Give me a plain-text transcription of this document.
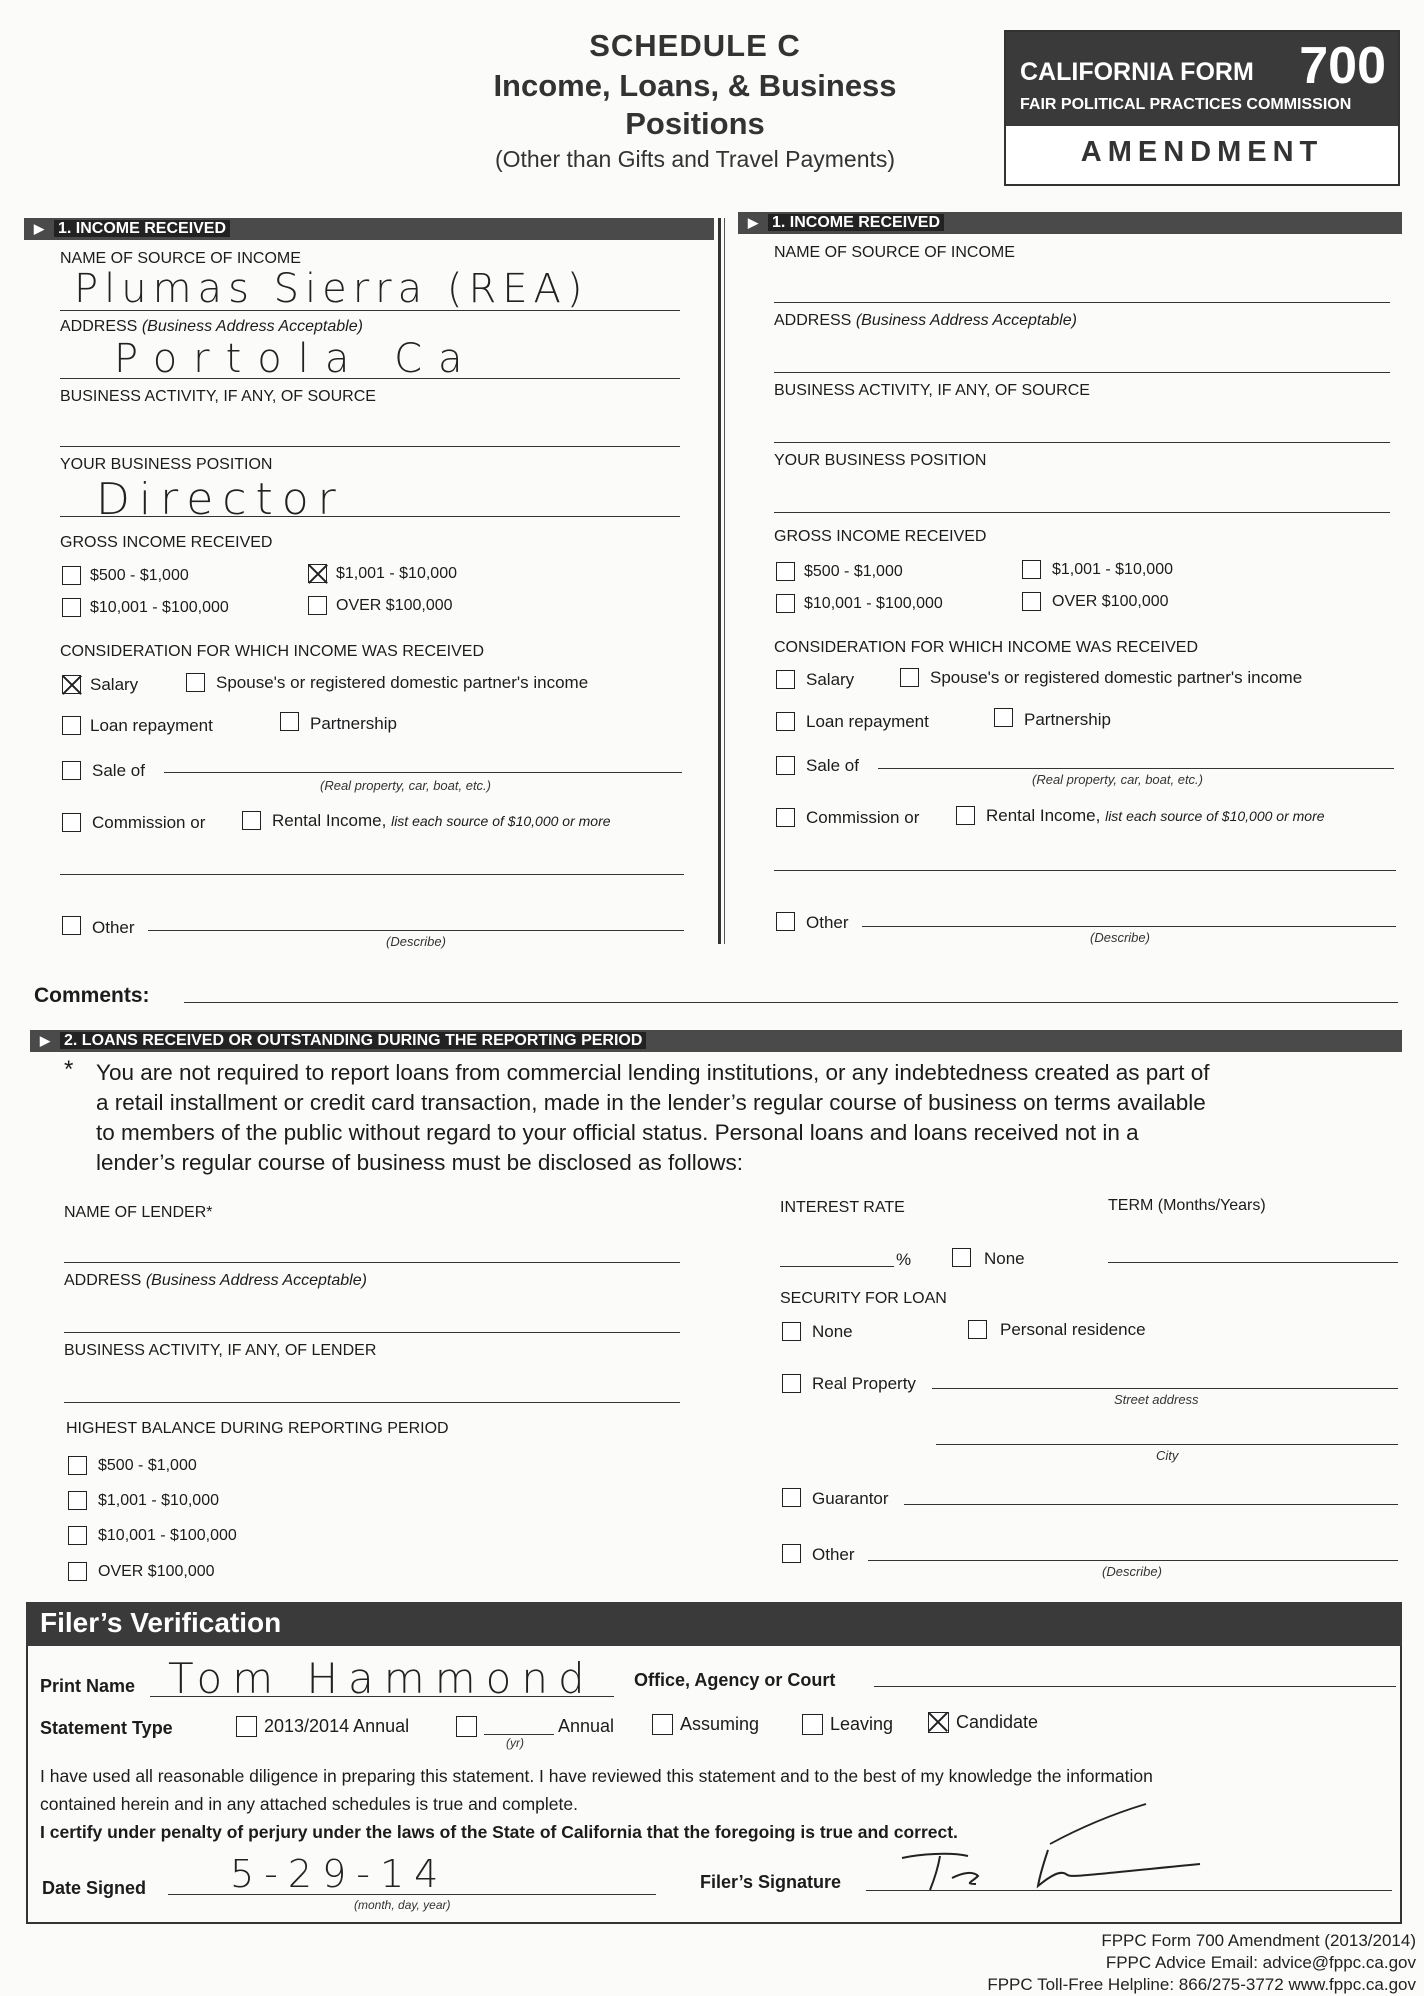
SCHEDULE C
Income, Loans, & Business
Positions
(Other than Gifts and Travel Payments)
CALIFORNIA FORM 700
FAIR POLITICAL PRACTICES COMMISSION
AMENDMENT
▶ 1. INCOME RECEIVED	▶ 1. INCOME RECEIVED
NAME OF SOURCE OF INCOME
Plumas Sierra (REA)
ADDRESS (Business Address Acceptable)
Portola Ca
BUSINESS ACTIVITY, IF ANY, OF SOURCE
YOUR BUSINESS POSITION
Director
GROSS INCOME RECEIVED
$500 - $1,000	$1,001 - $10,000
$10,001 - $100,000	OVER $100,000
CONSIDERATION FOR WHICH INCOME WAS RECEIVED
Salary	Spouse's or registered domestic partner's income
Loan repayment	Partnership
Sale of
(Real property, car, boat, etc.)
Commission or	Rental Income, list each source of $10,000 or more
Other
(Describe)
NAME OF SOURCE OF INCOME
ADDRESS (Business Address Acceptable)
BUSINESS ACTIVITY, IF ANY, OF SOURCE
YOUR BUSINESS POSITION
GROSS INCOME RECEIVED
$500 - $1,000	$1,001 - $10,000
$10,001 - $100,000	OVER $100,000
CONSIDERATION FOR WHICH INCOME WAS RECEIVED
Salary	Spouse's or registered domestic partner's income
Loan repayment	Partnership
Sale of
(Real property, car, boat, etc.)
Commission or	Rental Income, list each source of $10,000 or more
Other
(Describe)
Comments:
▶ 2. LOANS RECEIVED OR OUTSTANDING DURING THE REPORTING PERIOD
* You are not required to report loans from commercial lending institutions, or any indebtedness created as part of
a retail installment or credit card transaction, made in the lender’s regular course of business on terms available
to members of the public without regard to your official status. Personal loans and loans received not in a
lender’s regular course of business must be disclosed as follows:
NAME OF LENDER*
ADDRESS (Business Address Acceptable)
BUSINESS ACTIVITY, IF ANY, OF LENDER
HIGHEST BALANCE DURING REPORTING PERIOD
$500 - $1,000
$1,001 - $10,000
$10,001 - $100,000
OVER $100,000
INTEREST RATE
%	None
TERM (Months/Years)
SECURITY FOR LOAN
None	Personal residence
Real Property
Street address
City
Guarantor
Other
(Describe)
Filer’s Verification
Print Name Tom Hammond Office, Agency or Court
Statement Type	2013/2014 Annual
(yr)
Annual	Assuming	Leaving	Candidate
I have used all reasonable diligence in preparing this statement. I have reviewed this statement and to the best of my knowledge the information
contained herein and in any attached schedules is true and complete.
I certify under penalty of perjury under the laws of the State of California that the foregoing is true and correct.
Date Signed 5-29-14
(month, day, year)
Filer’s Signature
FPPC Form 700 Amendment (2013/2014)
FPPC Advice Email: advice@fppc.ca.gov
FPPC Toll-Free Helpline: 866/275-3772 www.fppc.ca.gov
